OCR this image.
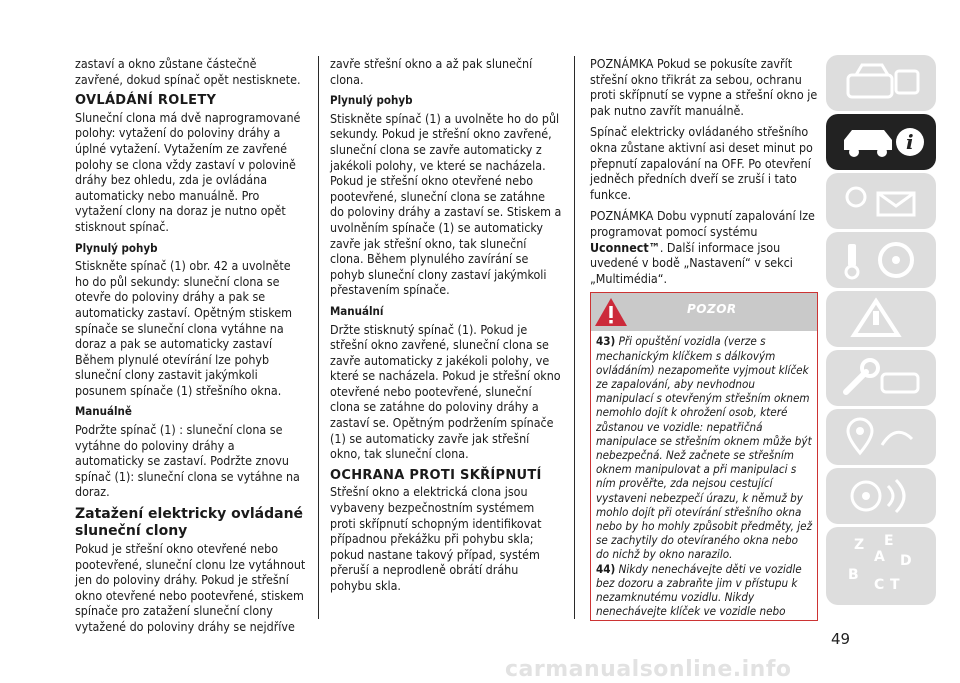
zastaví a okno zůstane částečně zavřené, dokud spínač opět nestisknete.

OVLÁDÁNÍ ROLETY

Sluneční clona má dvě naprogramované polohy: vytažení do poloviny dráhy a úplné vytažení. Vytažením ze zavřené polohy se clona vždy zastaví v polovině dráhy bez ohledu, zda je ovládána automaticky nebo manuálně. Pro vytažení clony na doraz je nutno opět stisknout spínač.

Plynulý pohyb

Stiskněte spínač (1) obr. 42 a uvolněte ho do půl sekundy: sluneční clona se otevře do poloviny dráhy a pak se automaticky zastaví. Opětným stiskem spínače se sluneční clona vytáhne na doraz a pak se automaticky zastaví Během plynulé otevírání lze pohyb sluneční clony zastavit jakýmkoli posunem spínače (1) střešního okna.

Manuálně

Podržte spínač (1) : sluneční clona se vytáhne do poloviny dráhy a automaticky se zastaví. Podržte znovu spínač (1): sluneční clona se vytáhne na doraz.

Zatažení elektricky ovládané sluneční clony

Pokud je střešní okno otevřené nebo pootevřené, sluneční clonu lze vytáhnout jen do poloviny dráhy. Pokud je střešní okno otevřené nebo pootevřené, stiskem spínače pro zatažení sluneční clony vytažené do poloviny dráhy se nejdříve

zavře střešní okno a až pak sluneční clona.

Plynulý pohyb

Stiskněte spínač (1) a uvolněte ho do půl sekundy. Pokud je střešní okno zavřené, sluneční clona se zavře automaticky z jakékoli polohy, ve které se nacházela. Pokud je střešní okno otevřené nebo pootevřené, sluneční clona se zatáhne do poloviny dráhy a zastaví se. Stiskem a uvolněním spínače (1) se automaticky zavře jak střešní okno, tak sluneční clona. Během plynulého zavírání se pohyb sluneční clony zastaví jakýmkoli přestavením spínače.

Manuální

Držte stisknutý spínač (1). Pokud je střešní okno zavřené, sluneční clona se zavře automaticky z jakékoli polohy, ve které se nacházela. Pokud je střešní okno otevřené nebo pootevřené, sluneční clona se zatáhne do poloviny dráhy a zastaví se. Opětným podržením spínače (1) se automaticky zavře jak střešní okno, tak sluneční clona.

OCHRANA PROTI SKŘÍPNUTÍ

Střešní okno a elektrická clona jsou vybaveny bezpečnostním systémem proti skřípnutí schopným identifikovat případnou překážku při pohybu skla; pokud nastane takový případ, systém přeruší a neprodleně obrátí dráhu pohybu skla.

POZNÁMKA Pokud se pokusíte zavřít střešní okno třikrát za sebou, ochranu proti skřípnutí se vypne a střešní okno je pak nutno zavřít manuálně.

Spínač elektricky ovládaného střešního okna zůstane aktivní asi deset minut po přepnutí zapalování na OFF. Po otevření jedněch předních dveří se zruší i tato funkce.

POZNÁMKA Dobu vypnutí zapalování lze programovat pomocí systému Uconnect™. Další informace jsou uvedené v bodě „Nastavení“ v sekci „Multimédia“.

POZOR
43) Při opuštění vozidla (verze s mechanickým klíčkem s dálkovým ovládáním) nezapomeňte vyjmout klíček ze zapalování, aby nevhodnou manipulací s otevřeným střešním oknem nemohlo dojít k ohrožení osob, které zůstanou ve vozidle: nepatřičná manipulace se střešním oknem může být nebezpečná. Než začnete se střešním oknem manipulovat a při manipulaci s ním prověřte, zda nejsou cestující vystaveni nebezpečí úrazu, k němuž by mohlo dojít při otevírání střešního okna nebo by ho mohly způsobit předměty, jež se zachytily do otevíraného okna nebo do nichž by okno narazilo.
44) Nikdy nenechávejte děti ve vozidle bez dozoru a zabraňte jim v přístupu k nezamknutému vozidlu. Nikdy nenechávejte klíček ve vozidle nebo
i
Z E
A D
B
C T
49
carmanualsonline.info
